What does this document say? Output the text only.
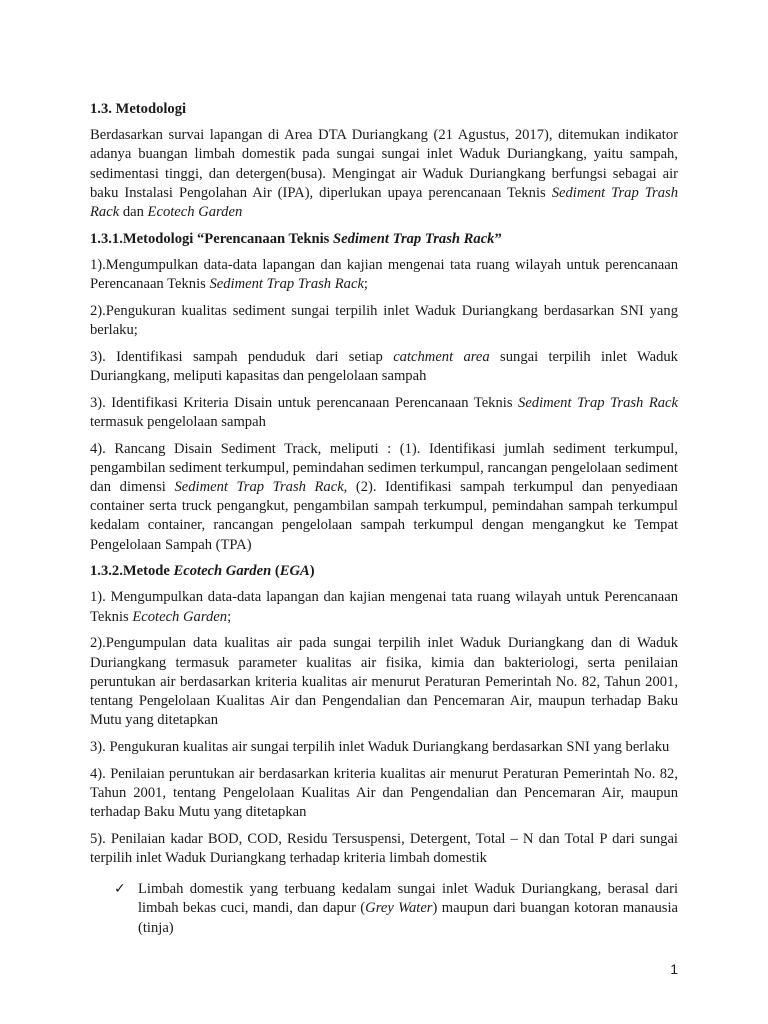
1.3. Metodologi

Berdasarkan survai lapangan di Area DTA Duriangkang (21 Agustus, 2017), ditemukan indikator adanya buangan limbah domestik pada sungai sungai inlet Waduk Duriangkang, yaitu sampah, sedimentasi tinggi, dan detergen(busa). Mengingat air Waduk Duriangkang berfungsi sebagai air baku Instalasi Pengolahan Air (IPA), diperlukan upaya perencanaan Teknis Sediment Trap Trash Rack dan Ecotech Garden

1.3.1.Metodologi “Perencanaan Teknis Sediment Trap Trash Rack”

1).Mengumpulkan data-data lapangan dan kajian mengenai tata ruang wilayah untuk perencanaan Perencanaan Teknis Sediment Trap Trash Rack;

2).Pengukuran kualitas sediment sungai terpilih inlet Waduk Duriangkang berdasarkan SNI yang berlaku;

3). Identifikasi sampah penduduk dari setiap catchment area sungai terpilih inlet Waduk Duriangkang, meliputi kapasitas dan pengelolaan sampah

3). Identifikasi Kriteria Disain untuk perencanaan Perencanaan Teknis Sediment Trap Trash Rack termasuk pengelolaan sampah

4). Rancang Disain Sediment Track, meliputi : (1). Identifikasi jumlah sediment terkumpul, pengambilan sediment terkumpul, pemindahan sedimen terkumpul, rancangan pengelolaan sediment dan dimensi Sediment Trap Trash Rack, (2). Identifikasi sampah terkumpul dan penyediaan container serta truck pengangkut, pengambilan sampah terkumpul, pemindahan sampah terkumpul kedalam container, rancangan pengelolaan sampah terkumpul dengan mengangkut ke Tempat Pengelolaan Sampah (TPA)

1.3.2.Metode Ecotech Garden (EGA)

1). Mengumpulkan data-data lapangan dan kajian mengenai tata ruang wilayah untuk Perencanaan Teknis Ecotech Garden;

2).Pengumpulan data kualitas air pada sungai terpilih inlet Waduk Duriangkang dan di Waduk Duriangkang termasuk parameter kualitas air fisika, kimia dan bakteriologi, serta penilaian peruntukan air berdasarkan kriteria kualitas air menurut Peraturan Pemerintah No. 82, Tahun 2001, tentang Pengelolaan Kualitas Air dan Pengendalian dan Pencemaran Air, maupun terhadap Baku Mutu yang ditetapkan

3). Pengukuran kualitas air sungai terpilih inlet Waduk Duriangkang berdasarkan SNI yang berlaku

4). Penilaian peruntukan air berdasarkan kriteria kualitas air menurut Peraturan Pemerintah No. 82, Tahun 2001, tentang Pengelolaan Kualitas Air dan Pengendalian dan Pencemaran Air, maupun terhadap Baku Mutu yang ditetapkan

5). Penilaian kadar BOD, COD, Residu Tersuspensi, Detergent, Total – N dan Total P dari sungai terpilih inlet Waduk Duriangkang terhadap kriteria limbah domestik

✓ Limbah domestik yang terbuang kedalam sungai inlet Waduk Duriangkang, berasal dari limbah bekas cuci, mandi, dan dapur (Grey Water) maupun dari buangan kotoran manausia (tinja)
1
